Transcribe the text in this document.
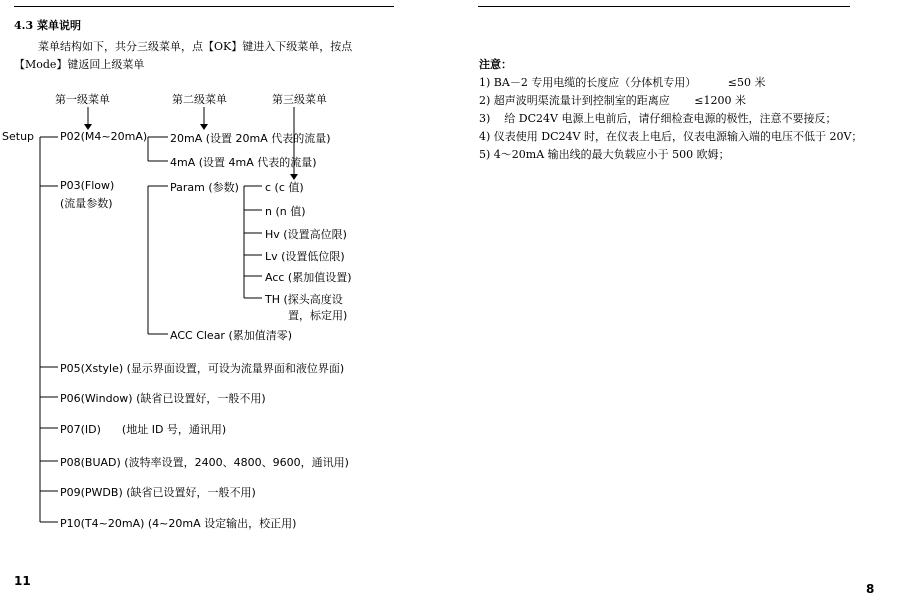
4.3 菜单说明
菜单结构如下，共分三级菜单，点【OK】键进入下级菜单，按点
【Mode】键返回上级菜单
第一级菜单	第二级菜单	第三级菜单
Setup P02(M4~20mA) 20mA (设置 20mA 代表的流量)
4mA (设置 4mA 代表的流量)
P03(Flow)
(流量参数)
Param (参数) c (c 值)
n (n 值)
Hv (设置高位限)
Lv (设置低位限)
Acc (累加值设置)
TH (探头高度设
置，标定用)
ACC Clear (累加值清零)
P05(Xstyle) (显示界面设置，可设为流量界面和液位界面)
P06(Window) (缺省已设置好，一般不用)
P07(ID)      (地址 ID 号，通讯用)
P08(BUAD) (波特率设置，2400、4800、9600，通讯用)
P09(PWDB) (缺省已设置好，一般不用)
P10(T4~20mA) (4~20mA 设定输出，校正用)
11
注意：
1) BA－2 专用电缆的长度应（分体机专用）         ≤50 米
2) 超声波明渠流量计到控制室的距离应       ≤1200 米
3)    给 DC24V 电源上电前后，请仔细检查电源的极性，注意不要接反；
4) 仪表使用 DC24V 时，在仪表上电后，仪表电源输入端的电压不低于 20V；
5) 4～20mA 输出线的最大负载应小于 500 欧姆；
8
